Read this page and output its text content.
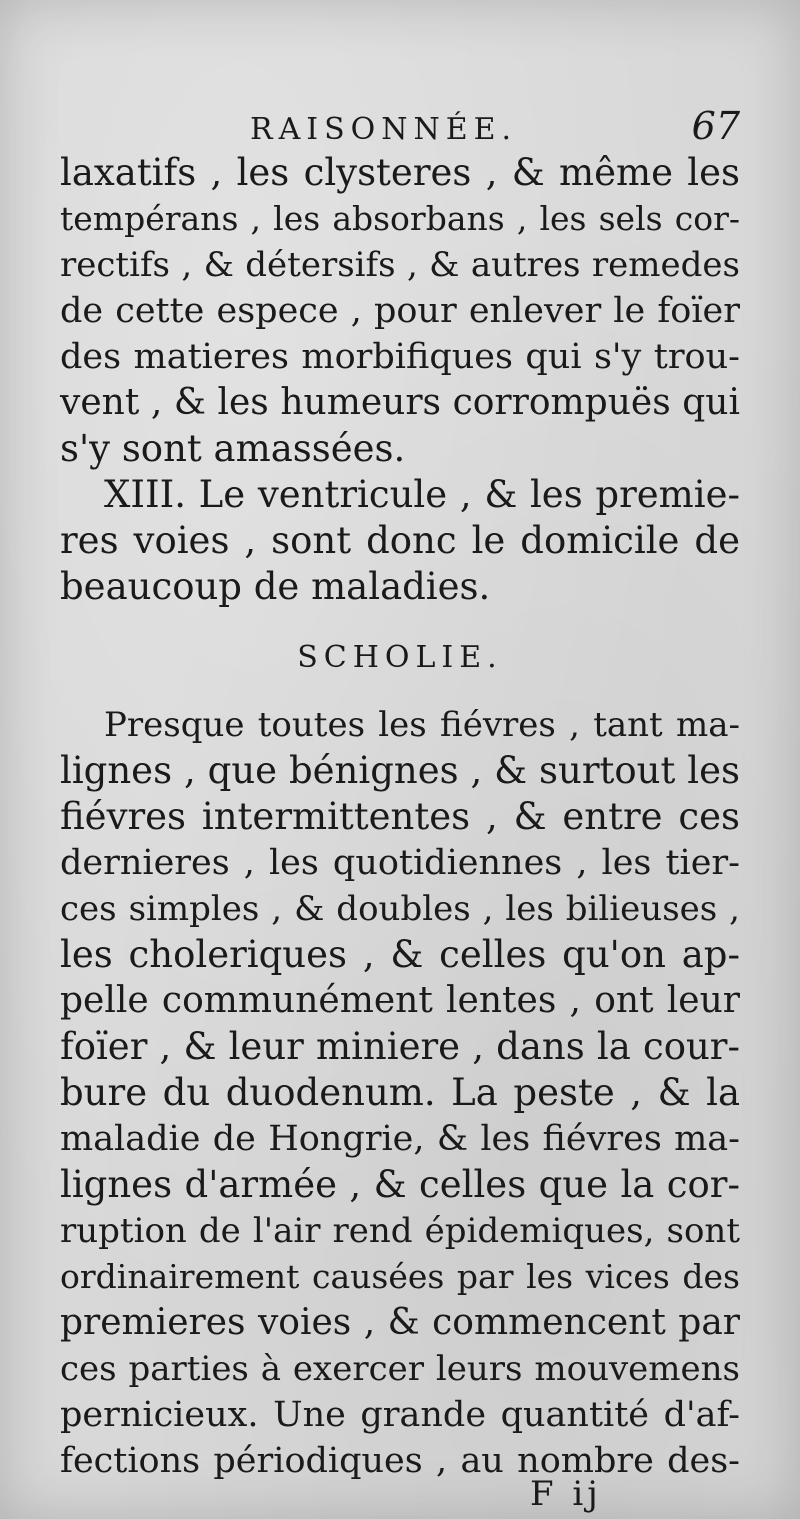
RAISONNÉE.	67
laxatifs , les clysteres , & même les
tempérans , les absorbans , les sels cor-
rectifs , & détersifs , & autres remedes
de cette espece , pour enlever le foïer
des matieres morbifiques qui s'y trou-
vent , & les humeurs corrompuës qui
s'y sont amassées.
XIII. Le ventricule , & les premie-
res voies , sont donc le domicile de
beaucoup de maladies.
SCHOLIE.
Presque toutes les fiévres , tant ma-
lignes , que bénignes , & surtout les
fiévres intermittentes , & entre ces
dernieres , les quotidiennes , les tier-
ces simples , & doubles , les bilieuses ,
les choleriques , & celles qu'on ap-
pelle communément lentes , ont leur
foïer , & leur miniere , dans la cour-
bure du duodenum. La peste , & la
maladie de Hongrie, & les fiévres ma-
lignes d'armée , & celles que la cor-
ruption de l'air rend épidemiques, sont
ordinairement causées par les vices des
premieres voies , & commencent par
ces parties à exercer leurs mouvemens
pernicieux. Une grande quantité d'af-
fections périodiques , au nombre des-
F ij
